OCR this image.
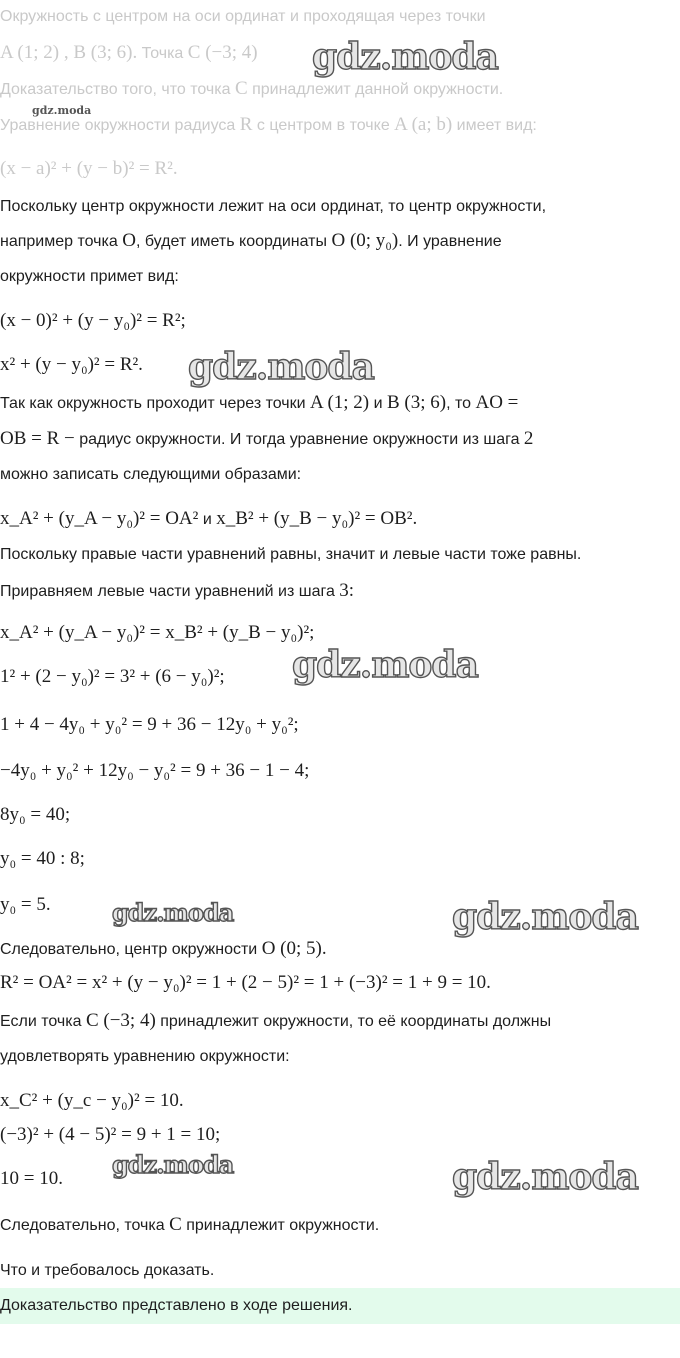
Окружность с центром на оси ординат и проходящая через точки
A (1; 2) , B (3; 6). Точка C (−3; 4)
Доказательство того, что точка C принадлежит данной окружности.
Уравнение окружности радиуса R с центром в точке A (a; b) имеет вид:
(x − a)² + (y − b)² = R².
Поскольку центр окружности лежит на оси ординат, то центр окружности,
например точка O, будет иметь координаты O (0; y₀). И уравнение
окружности примет вид:
(x − 0)² + (y − y₀)² = R²;
x² + (y − y₀)² = R².
Так как окружность проходит через точки A (1; 2) и B (3; 6), то AO =
OB = R − радиус окружности. И тогда уравнение окружности из шага 2
можно записать следующими образами:
x_A² + (y_A − y₀)² = OA² и x_B² + (y_B − y₀)² = OB².
Поскольку правые части уравнений равны, значит и левые части тоже равны.
Приравняем левые части уравнений из шага 3:
x_A² + (y_A − y₀)² = x_B² + (y_B − y₀)²;
1² + (2 − y₀)² = 3² + (6 − y₀)²;
1 + 4 − 4y₀ + y₀² = 9 + 36 − 12y₀ + y₀²;
−4y₀ + y₀² + 12y₀ − y₀² = 9 + 36 − 1 − 4;
8y₀ = 40;
y₀ = 40 : 8;
y₀ = 5.
Следовательно, центр окружности O (0; 5).
R² = OA² = x² + (y − y₀)² = 1 + (2 − 5)² = 1 + (−3)² = 1 + 9 = 10.
Если точка C (−3; 4) принадлежит окружности, то её координаты должны
удовлетворять уравнению окружности:
x_C² + (y_c − y₀)² = 10.
(−3)² + (4 − 5)² = 9 + 1 = 10;
10 = 10.
Следовательно, точка C принадлежит окружности.
Что и требовалось доказать.
Доказательство представлено в ходе решения.
gdz.moda
gdz.moda
gdz.moda
gdz.moda
gdz.moda	gdz.moda
gdz.moda	gdz.moda
